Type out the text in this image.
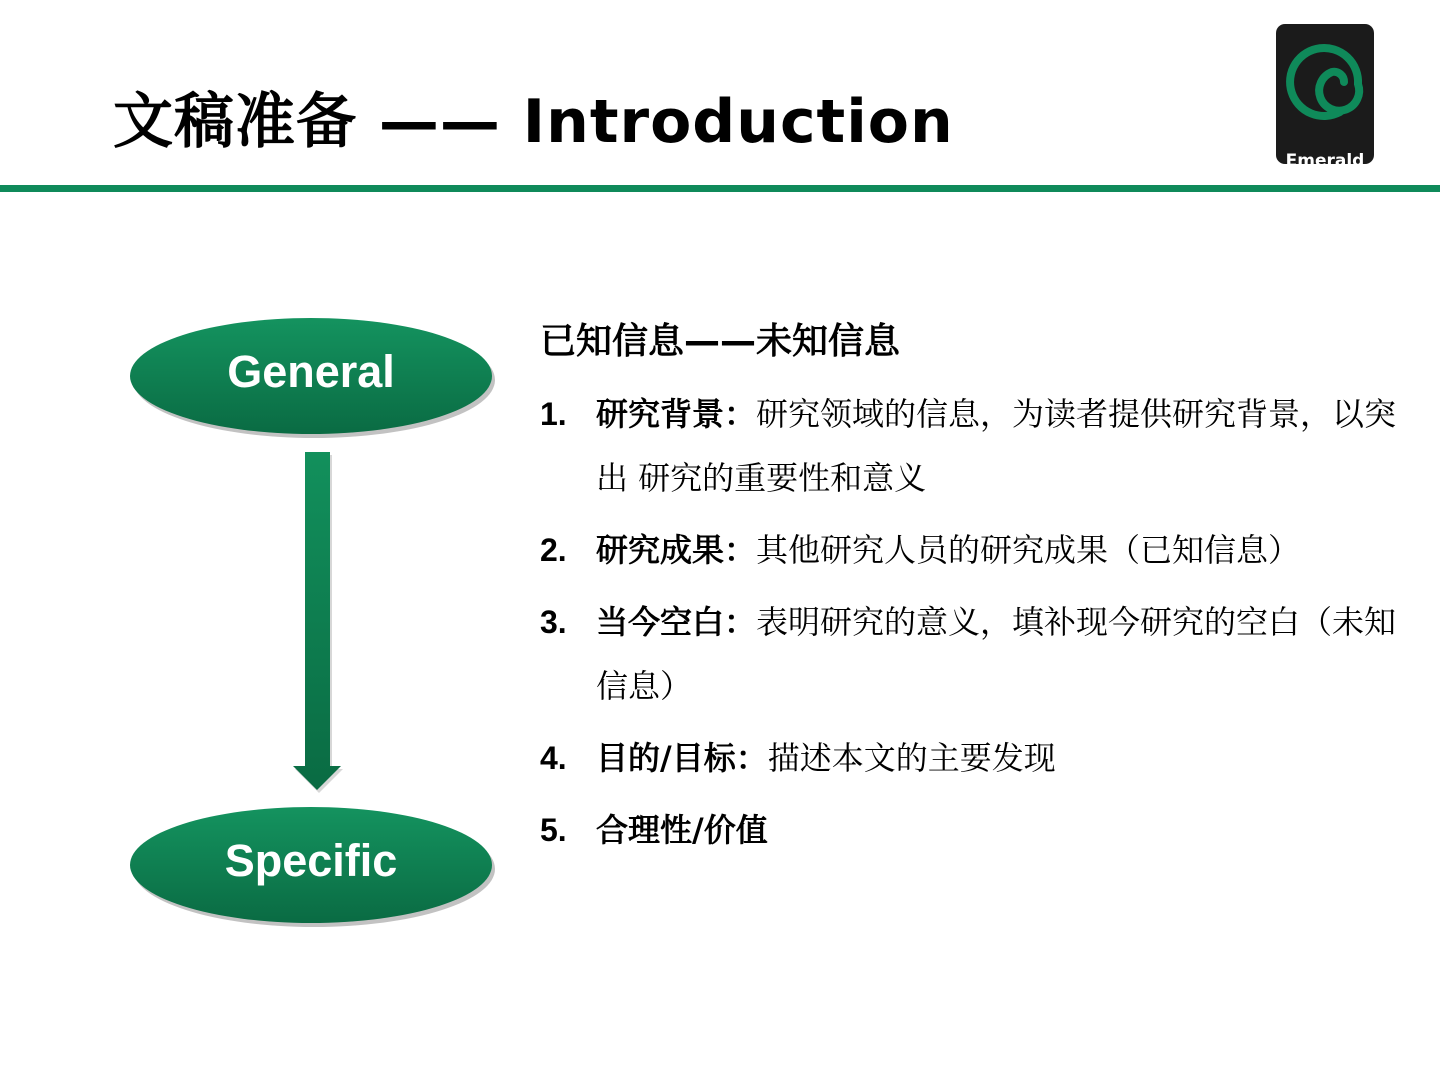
文稿准备 —— Introduction
Emerald
General
Specific
已知信息——未知信息
1. 研究背景：研究领域的信息，为读者提供研究背景，以突出 研究的重要性和意义
2. 研究成果：其他研究人员的研究成果（已知信息）
3. 当今空白：表明研究的意义，填补现今研究的空白（未知信息）
4. 目的/目标：描述本文的主要发现
5. 合理性/价值
